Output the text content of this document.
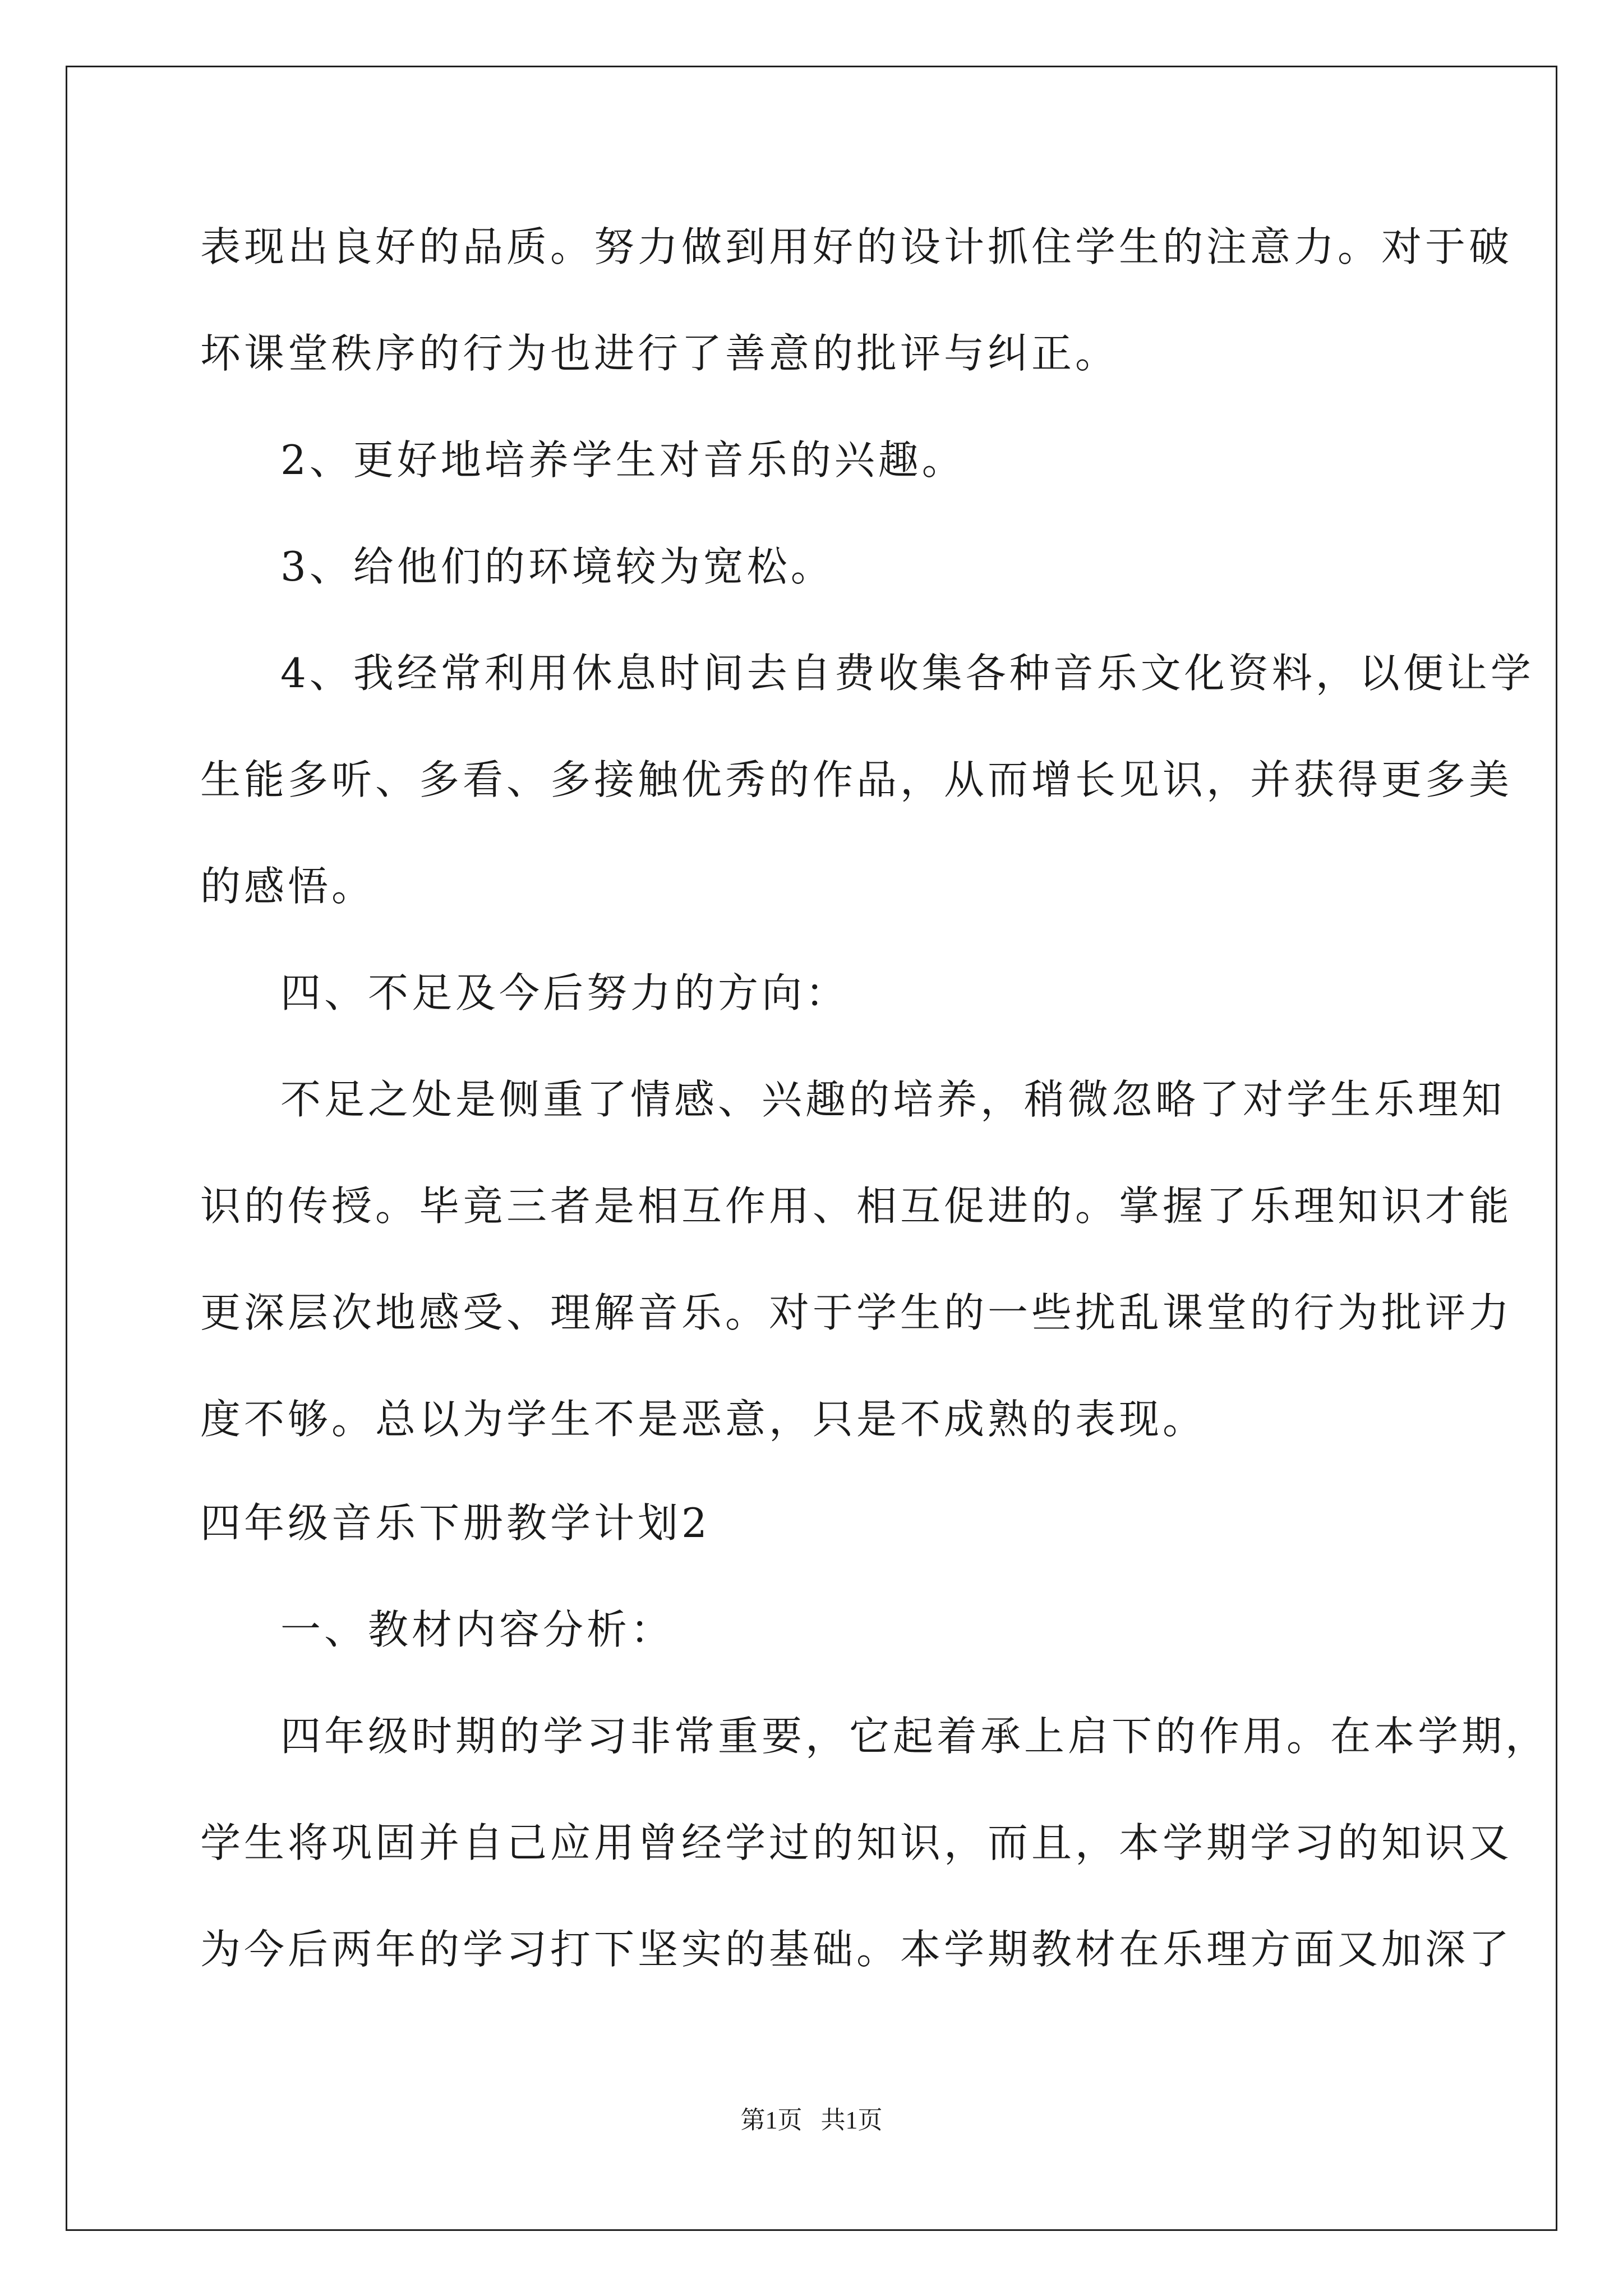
表现出良好的品质。努力做到用好的设计抓住学生的注意力。对于破
坏课堂秩序的行为也进行了善意的批评与纠正。
2、更好地培养学生对音乐的兴趣。
3、给他们的环境较为宽松。
4、我经常利用休息时间去自费收集各种音乐文化资料，以便让学
生能多听、多看、多接触优秀的作品，从而增长见识，并获得更多美
的感悟。
四、不足及今后努力的方向：
不足之处是侧重了情感、兴趣的培养，稍微忽略了对学生乐理知
识的传授。毕竟三者是相互作用、相互促进的。掌握了乐理知识才能
更深层次地感受、理解音乐。对于学生的一些扰乱课堂的行为批评力
度不够。总以为学生不是恶意，只是不成熟的表现。
四年级音乐下册教学计划2
一、教材内容分析：
四年级时期的学习非常重要，它起着承上启下的作用。在本学期，
学生将巩固并自己应用曾经学过的知识，而且，本学期学习的知识又
为今后两年的学习打下坚实的基础。本学期教材在乐理方面又加深了
第1页   共1页
